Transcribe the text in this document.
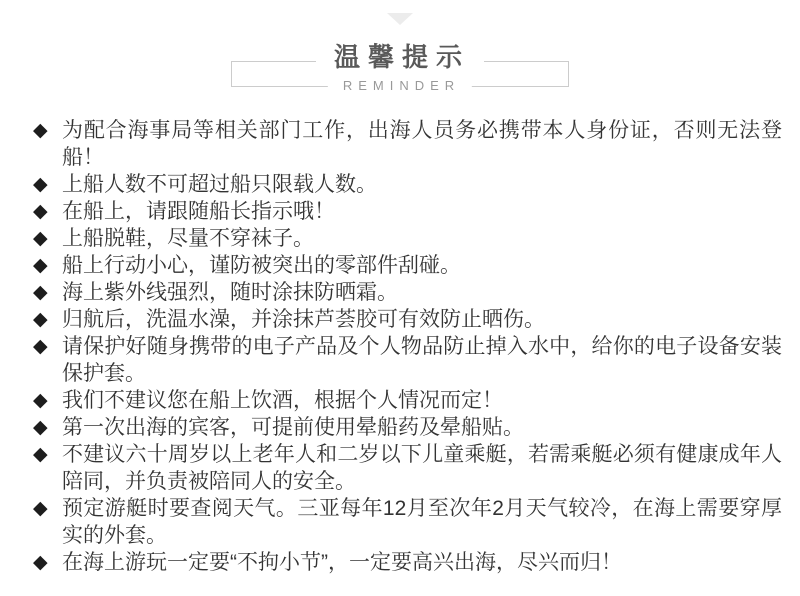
温馨提示
REMINDER
◆ 为配合海事局等相关部门工作，出海人员务必携带本人身份证，否则无法登船！
◆ 上船人数不可超过船只限载人数。
◆ 在船上，请跟随船长指示哦！
◆ 上船脱鞋，尽量不穿袜子。
◆ 船上行动小心，谨防被突出的零部件刮碰。
◆ 海上紫外线强烈，随时涂抹防晒霜。
◆ 归航后，洗温水澡，并涂抹芦荟胶可有效防止晒伤。
◆ 请保护好随身携带的电子产品及个人物品防止掉入水中，给你的电子设备安装保护套。
◆ 我们不建议您在船上饮酒，根据个人情况而定！
◆ 第一次出海的宾客，可提前使用晕船药及晕船贴。
◆ 不建议六十周岁以上老年人和二岁以下儿童乘艇，若需乘艇必须有健康成年人陪同，并负责被陪同人的安全。
◆ 预定游艇时要查阅天气。三亚每年12月至次年2月天气较冷，在海上需要穿厚实的外套。
◆ 在海上游玩一定要“不拘小节”，一定要高兴出海，尽兴而归！
